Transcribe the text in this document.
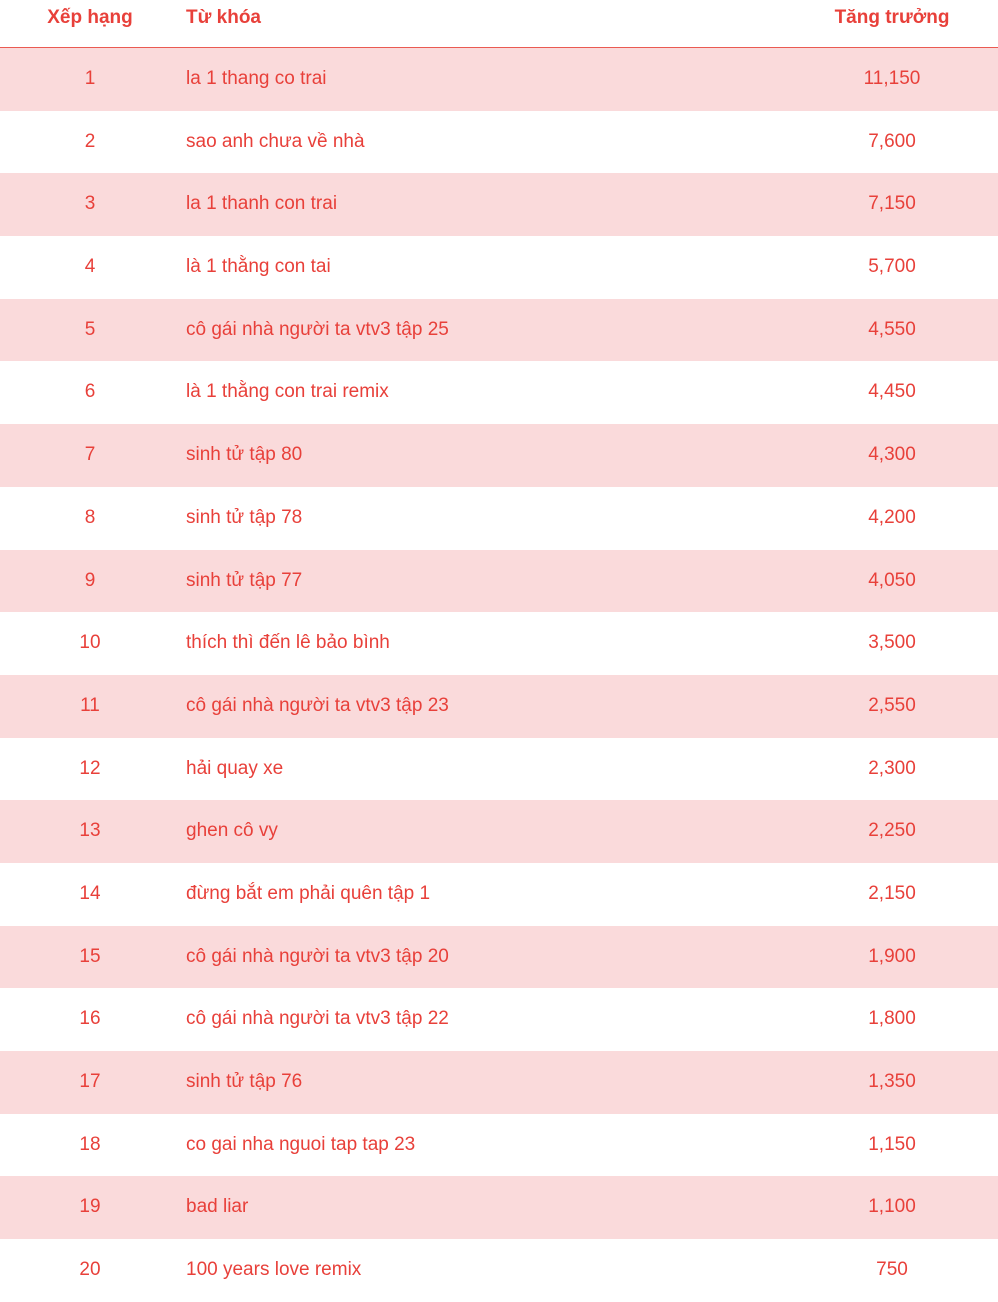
Xếp hạng	Từ khóa	Tăng trưởng
1	la 1 thang co trai	11,150
2	sao anh chưa về nhà	7,600
3	la 1 thanh con trai	7,150
4	là 1 thằng con tai	5,700
5	cô gái nhà người ta vtv3 tập 25	4,550
6	là 1 thằng con trai remix	4,450
7	sinh tử tập 80	4,300
8	sinh tử tập 78	4,200
9	sinh tử tập 77	4,050
10	thích thì đến lê bảo bình	3,500
11	cô gái nhà người ta vtv3 tập 23	2,550
12	hải quay xe	2,300
13	ghen cô vy	2,250
14	đừng bắt em phải quên tập 1	2,150
15	cô gái nhà người ta vtv3 tập 20	1,900
16	cô gái nhà người ta vtv3 tập 22	1,800
17	sinh tử tập 76	1,350
18	co gai nha nguoi tap tap 23	1,150
19	bad liar	1,100
20	100 years love remix	750
